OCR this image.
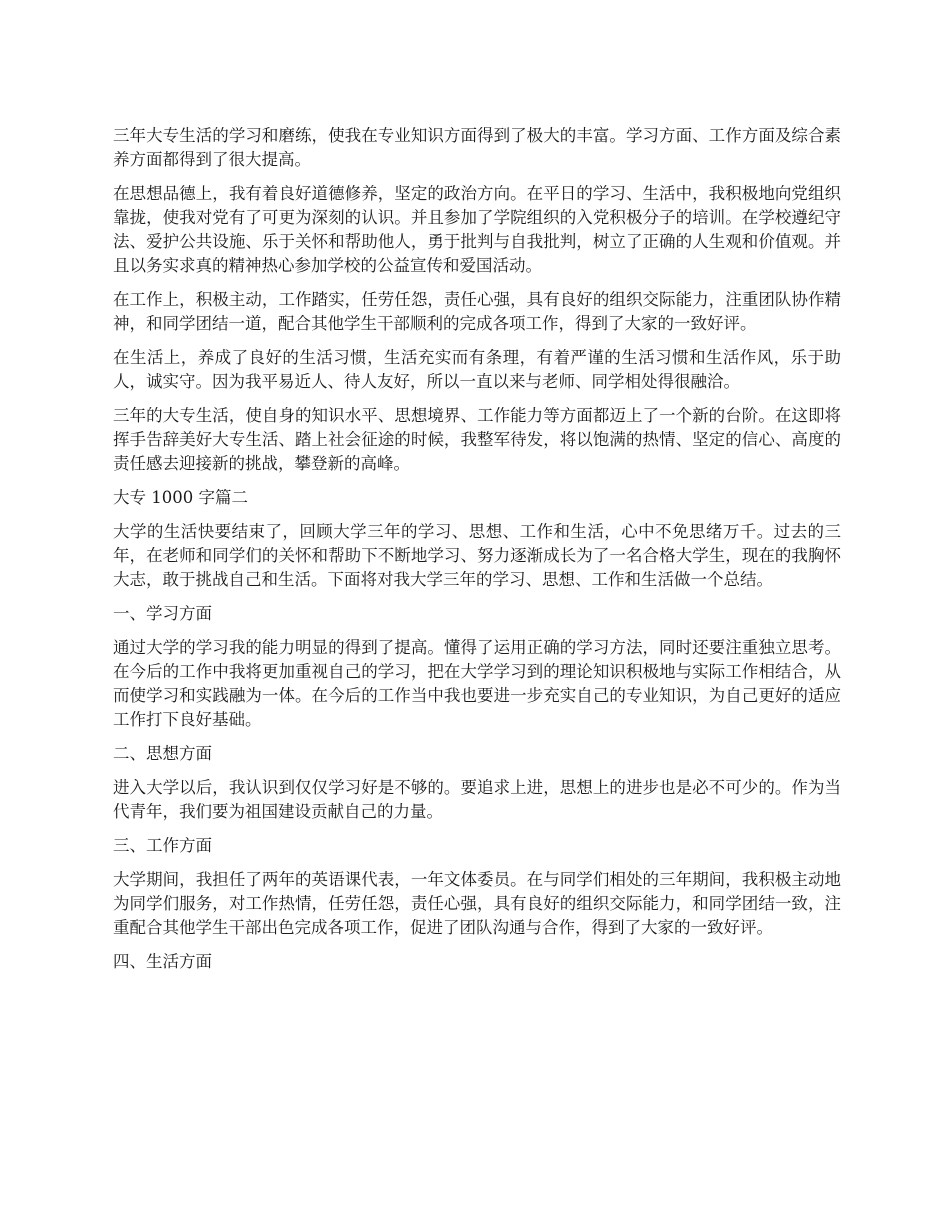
三年大专生活的学习和磨练，使我在专业知识方面得到了极大的丰富。学习方面、工作方面及综合素养方面都得到了很大提高。

在思想品德上，我有着良好道德修养，坚定的政治方向。在平日的学习、生活中，我积极地向党组织靠拢，使我对党有了可更为深刻的认识。并且参加了学院组织的入党积极分子的培训。在学校遵纪守法、爱护公共设施、乐于关怀和帮助他人，勇于批判与自我批判，树立了正确的人生观和价值观。并且以务实求真的精神热心参加学校的公益宣传和爱国活动。

在工作上，积极主动，工作踏实，任劳任怨，责任心强，具有良好的组织交际能力，注重团队协作精神，和同学团结一道，配合其他学生干部顺利的完成各项工作，得到了大家的一致好评。

在生活上，养成了良好的生活习惯，生活充实而有条理，有着严谨的生活习惯和生活作风，乐于助人，诚实守。因为我平易近人、待人友好，所以一直以来与老师、同学相处得很融洽。

三年的大专生活，使自身的知识水平、思想境界、工作能力等方面都迈上了一个新的台阶。在这即将挥手告辞美好大专生活、踏上社会征途的时候，我整军待发，将以饱满的热情、坚定的信心、高度的责任感去迎接新的挑战，攀登新的高峰。

大专 1000 字篇二

大学的生活快要结束了，回顾大学三年的学习、思想、工作和生活，心中不免思绪万千。过去的三年，在老师和同学们的关怀和帮助下不断地学习、努力逐渐成长为了一名合格大学生，现在的我胸怀大志，敢于挑战自己和生活。下面将对我大学三年的学习、思想、工作和生活做一个总结。

一、学习方面

通过大学的学习我的能力明显的得到了提高。懂得了运用正确的学习方法，同时还要注重独立思考。在今后的工作中我将更加重视自己的学习，把在大学学习到的理论知识积极地与实际工作相结合，从而使学习和实践融为一体。在今后的工作当中我也要进一步充实自己的专业知识，为自己更好的适应工作打下良好基础。

二、思想方面

进入大学以后，我认识到仅仅学习好是不够的。要追求上进，思想上的进步也是必不可少的。作为当代青年，我们要为祖国建设贡献自己的力量。

三、工作方面

大学期间，我担任了两年的英语课代表，一年文体委员。在与同学们相处的三年期间，我积极主动地为同学们服务，对工作热情，任劳任怨，责任心强，具有良好的组织交际能力，和同学团结一致，注重配合其他学生干部出色完成各项工作，促进了团队沟通与合作，得到了大家的一致好评。

四、生活方面
